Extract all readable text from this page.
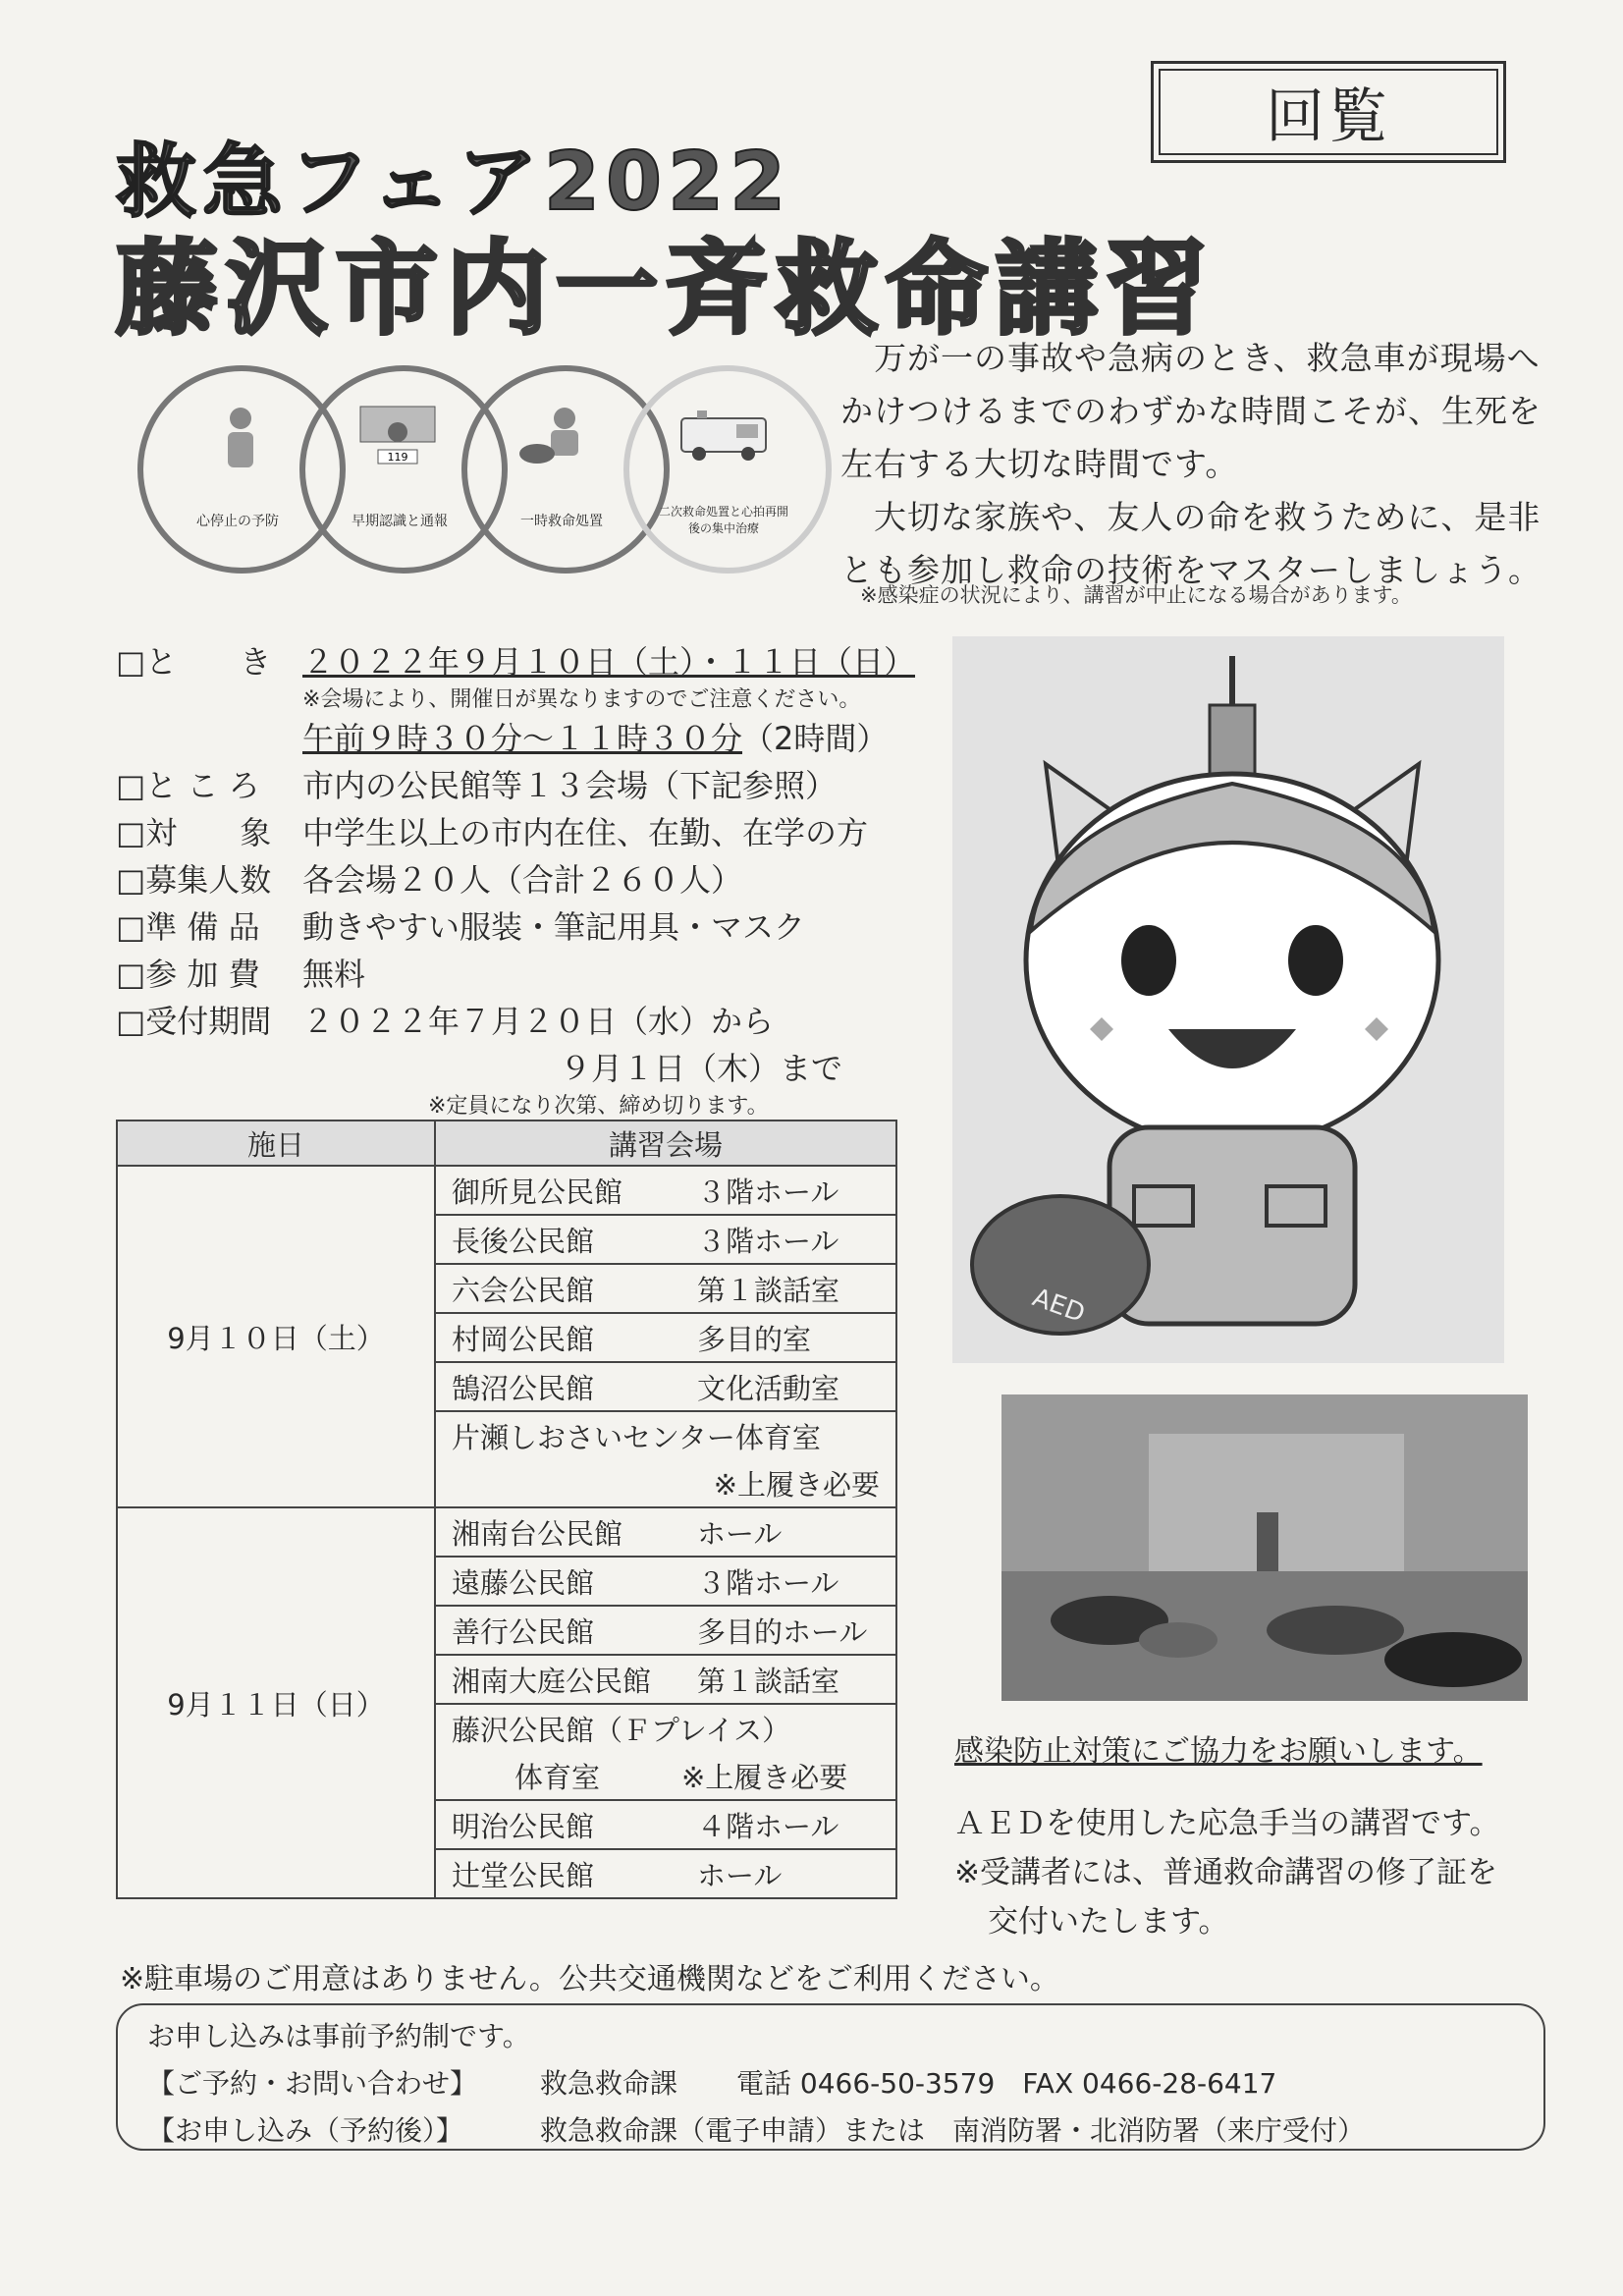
回覧
救急フェア2022
藤沢市内一斉救命講習
119
心停止の予防	早期認識と通報	一時救命処置
二次救命処置と心拍再開後の集中治療

万が一の事故や急病のとき、救急車が現場へかけつけるまでのわずかな時間こそが、生死を左右する大切な時間です。

大切な家族や、友人の命を救うために、是非とも参加し救命の技術をマスターしましょう。

※感染症の状況により、講習が中止になる場合があります。
□と　　き ２０２２年９月１０日（土）・１１日（日）
※会場により、開催日が異なりますのでご注意ください。
午前９時３０分～１１時３０分 （2時間）
□と こ ろ	市内の公民館等１３会場（下記参照）
□対　　象 中学生以上の市内在住、在勤、在学の方
□募集人数 各会場２０人（合計２６０人）
□準 備 品	動きやすい服装・筆記用具・マスク
□参 加 費	無料
□受付期間 ２０２２年７月２０日（水）から
９月１日（木）まで
※定員になり次第、締め切ります。
施日	講習会場
9月１０日（土）	御所見公民館 ３階ホール
	長後公民館 ３階ホール
	六会公民館 第１談話室
	村岡公民館 多目的室
	鵠沼公民館 文化活動室
	片瀬しおさいセンター体育室
	※上履き必要
9月１１日（日）	湘南台公民館 ホール
	遠藤公民館 ３階ホール
	善行公民館 多目的ホール
	湘南大庭公民館 第１談話室
	藤沢公民館（Ｆプレイス）
	体育室 ※上履き必要
	明治公民館 ４階ホール
	辻堂公民館 ホール
AED
感染防止対策にご協力をお願いします。
ＡＥＤを使用した応急手当の講習です。
※受講者には、普通救命講習の修了証を
交付いたします。
※駐車場のご用意はありません。公共交通機関などをご利用ください。
お申し込みは事前予約制です。
【ご予約・お問い合わせ】 救急救命課 電話 0466-50-3579　FAX 0466-28-6417
【お申し込み（予約後）】	救急救命課（電子申請）または　南消防署・北消防署（来庁受付）
